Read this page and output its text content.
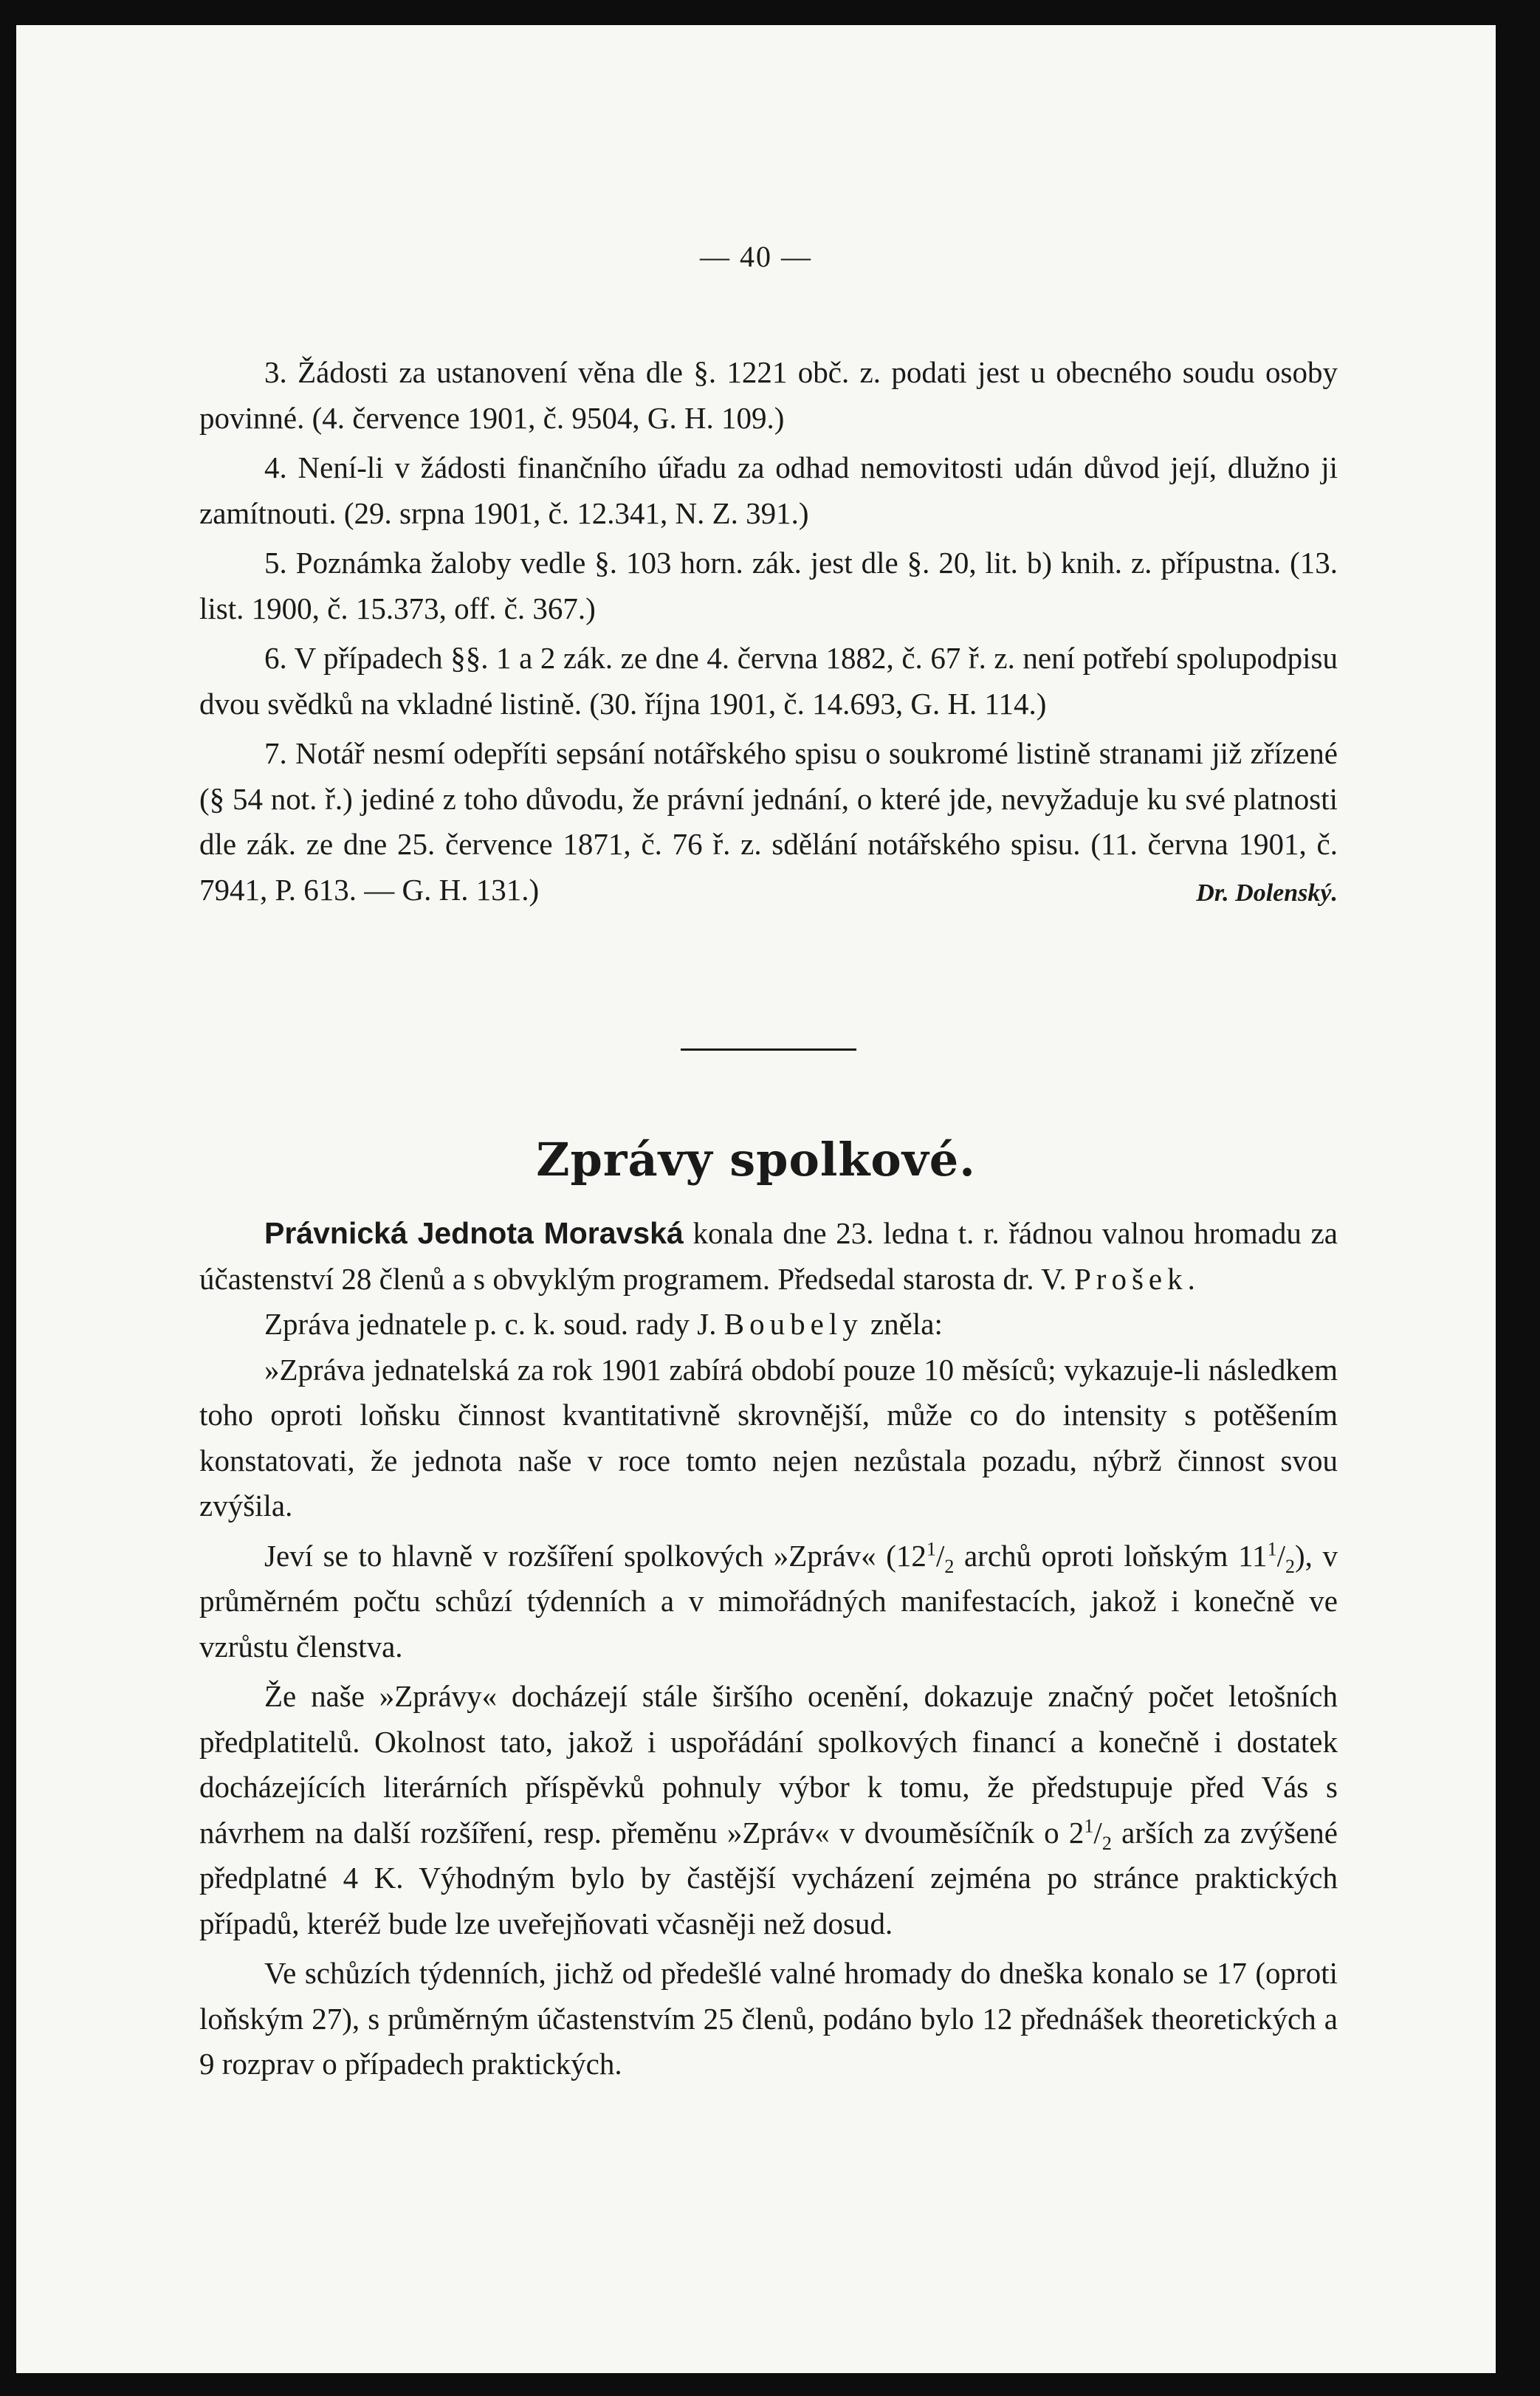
— 40 —

3. Žádosti za ustanovení věna dle §. 1221 obč. z. podati jest u obecného soudu osoby povinné. (4. července 1901, č. 9504, G. H. 109.)

4. Není-li v žádosti finančního úřadu za odhad nemovitosti udán důvod její, dlužno ji zamítnouti. (29. srpna 1901, č. 12.341, N. Z. 391.)

5. Poznámka žaloby vedle §. 103 horn. zák. jest dle §. 20, lit. b) knih. z. přípustna. (13. list. 1900, č. 15.373, off. č. 367.)

6. V případech §§. 1 a 2 zák. ze dne 4. června 1882, č. 67 ř. z. není potřebí spolupodpisu dvou svědků na vkladné listině. (30. října 1901, č. 14.693, G. H. 114.)

7. Notář nesmí odepříti sepsání notářského spisu o soukromé listině stranami již zřízené (§ 54 not. ř.) jediné z toho důvodu, že právní jednání, o které jde, nevyžaduje ku své platnosti dle zák. ze dne 25. července 1871, č. 76 ř. z. sdělání notářského spisu. (11. června 1901, č. 7941, P. 613. — G. H. 131.)	Dr. Dolenský.

Zprávy spolkové.

Právnická Jednota Moravská konala dne 23. ledna t. r. řádnou valnou hromadu za účastenství 28 členů a s obvyklým programem. Předsedal starosta dr. V. Prošek.

Zpráva jednatele p. c. k. soud. rady J. Boubely zněla:

»Zpráva jednatelská za rok 1901 zabírá období pouze 10 měsíců; vykazuje-li následkem toho oproti loňsku činnost kvantitativně skrovnější, může co do intensity s potěšením konstatovati, že jednota naše v roce tomto nejen nezůstala pozadu, nýbrž činnost svou zvýšila.

Jeví se to hlavně v rozšíření spolkových »Zpráv« ($12^1/_2$ archů oproti loňským $11^1/_2$), v průměrném počtu schůzí týdenních a v mimořádných manifestacích, jakož i konečně ve vzrůstu členstva.

Že naše »Zprávy« docházejí stále širšího ocenění, dokazuje značný počet letošních předplatitelů. Okolnost tato, jakož i uspořádání spolkových financí a konečně i dostatek docházejících literárních příspěvků pohnuly výbor k tomu, že předstupuje před Vás s návrhem na další rozšíření, resp. přeměnu »Zpráv« v dvouměsíčník o $2^1/_2$ arších za zvýšené předplatné 4 K. Výhodným bylo by častější vycházení zejména po stránce praktických případů, kteréž bude lze uveřejňovati včasněji než dosud.

Ve schůzích týdenních, jichž od předešlé valné hromady do dneška konalo se 17 (oproti loňským 27), s průměrným účastenstvím 25 členů, podáno bylo 12 přednášek theoretických a 9 rozprav o případech praktických.
